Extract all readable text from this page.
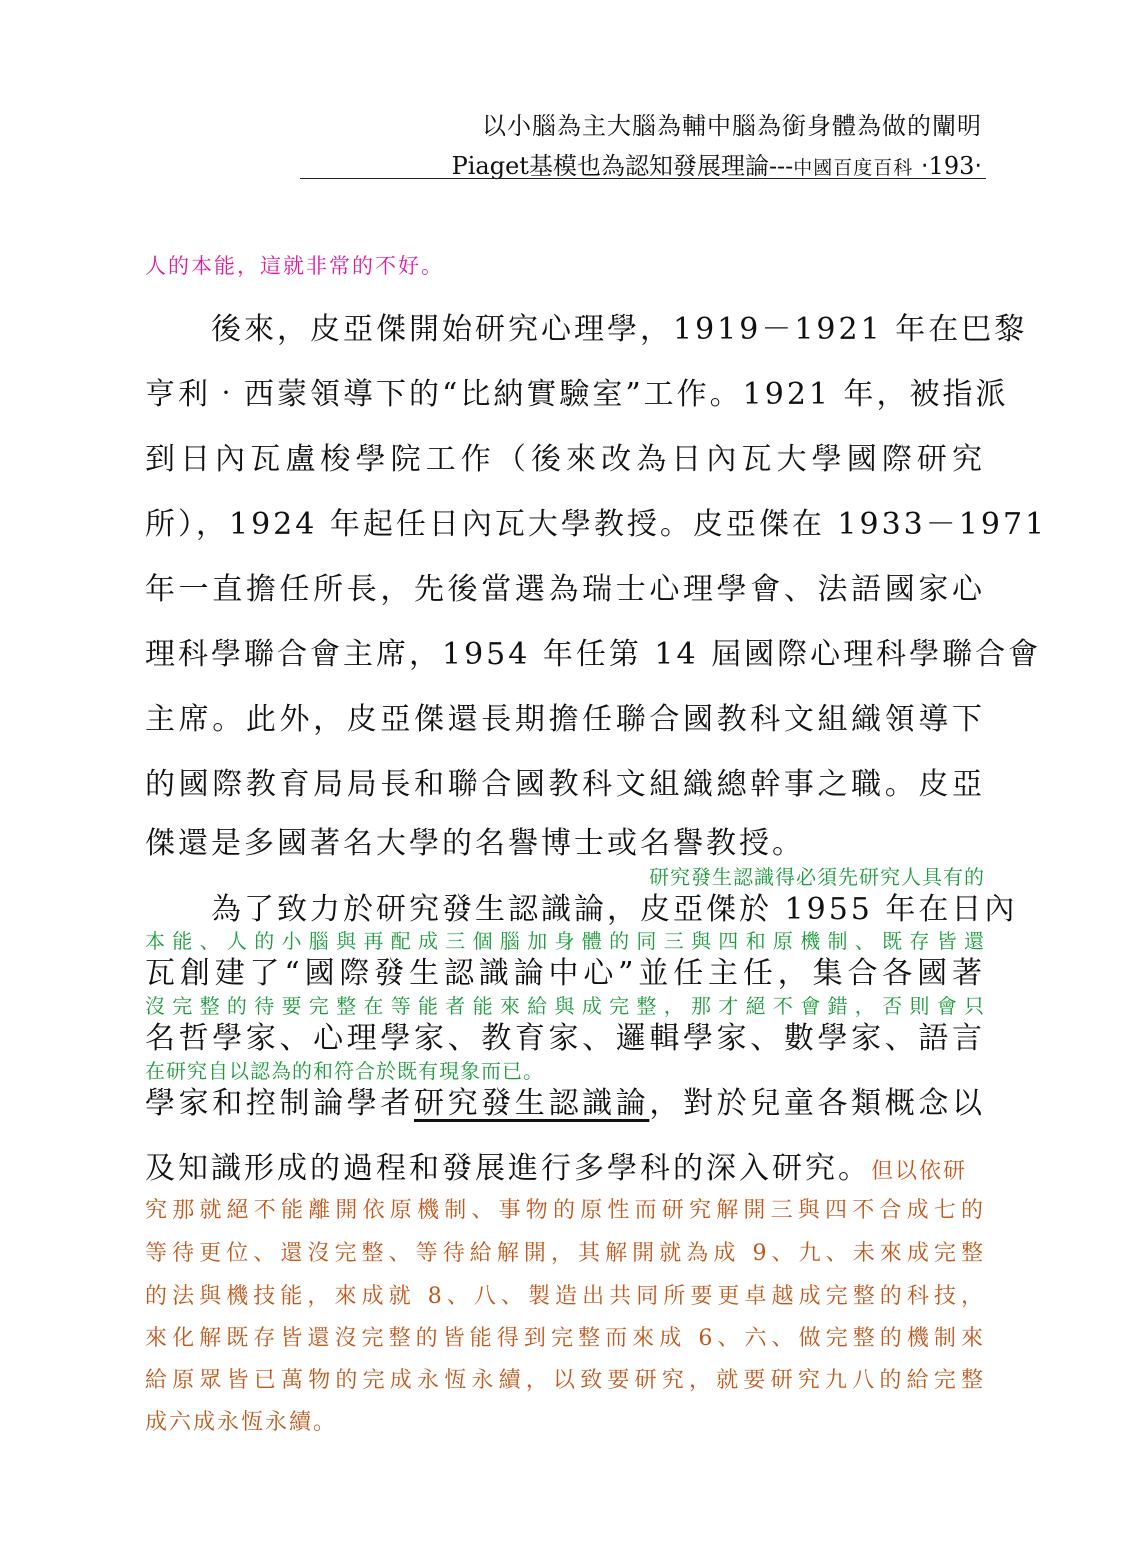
以小腦為主大腦為輔中腦為銜身體為做的闡明
Piaget基模也為認知發展理論---中國百度百科 ‧193‧
人的本能，這就非常的不好。
　　後來，皮亞傑開始研究心理學，1919－1921 年在巴黎
亨利‧西蒙領導下的“比納實驗室”工作。1921 年，被指派
到日內瓦盧梭學院工作（後來改為日內瓦大學國際研究
所），1924 年起任日內瓦大學教授。皮亞傑在 1933－1971
年一直擔任所長，先後當選為瑞士心理學會、法語國家心
理科學聯合會主席，1954 年任第 14 屆國際心理科學聯合會
主席。此外，皮亞傑還長期擔任聯合國教科文組織領導下
的國際教育局局長和聯合國教科文組織總幹事之職。皮亞
傑還是多國著名大學的名譽博士或名譽教授。
研究發生認識得必須先研究人具有的
　　為了致力於研究發生認識論，皮亞傑於 1955 年在日內
本能、人的小腦與再配成三個腦加身體的同三與四和原機制、既存皆還
瓦創建了“國際發生認識論中心”並任主任，集合各國著
沒完整的待要完整在等能者能來給與成完整，那才絕不會錯，否則會只
名哲學家、心理學家、教育家、邏輯學家、數學家、語言
在研究自以認為的和符合於既有現象而已。
學家和控制論學者研究發生認識論，對於兒童各類概念以
及知識形成的過程和發展進行多學科的深入研究。但以依研
究那就絕不能離開依原機制、事物的原性而研究解開三與四不合成七的
等待更位、還沒完整、等待給解開，其解開就為成 9、九、未來成完整
的法與機技能，來成就 8、八、製造出共同所要更卓越成完整的科技，
來化解既存皆還沒完整的皆能得到完整而來成 6、六、做完整的機制來
給原眾皆已萬物的完成永恆永續，以致要研究，就要研究九八的給完整
成六成永恆永續。
